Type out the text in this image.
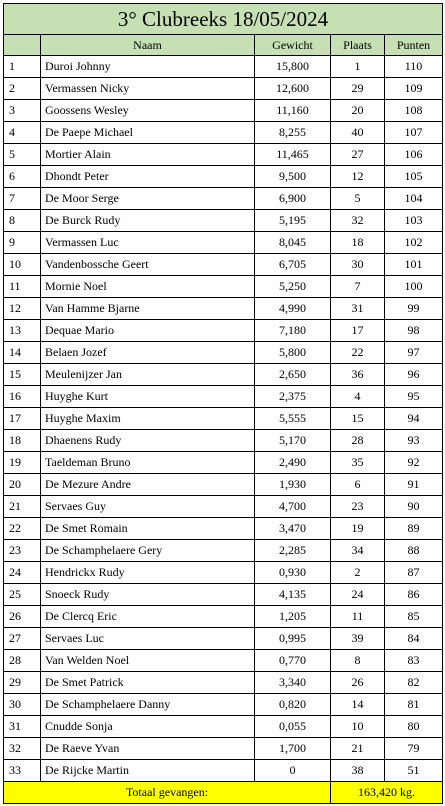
3° Clubreeks 18/05/2024				
	Naam	Gewicht	Plaats	Punten
1	Duroi Johnny	15,800	1	110
2	Vermassen Nicky	12,600	29	109
3	Goossens Wesley	11,160	20	108
4	De Paepe Michael	8,255	40	107
5	Mortier Alain	11,465	27	106
6	Dhondt Peter	9,500	12	105
7	De Moor Serge	6,900	5	104
8	De Burck Rudy	5,195	32	103
9	Vermassen Luc	8,045	18	102
10	Vandenbossche Geert	6,705	30	101
11	Mornie Noel	5,250	7	100
12	Van Hamme Bjarne	4,990	31	99
13	Dequae Mario	7,180	17	98
14	Belaen Jozef	5,800	22	97
15	Meulenijzer Jan	2,650	36	96
16	Huyghe Kurt	2,375	4	95
17	Huyghe Maxim	5,555	15	94
18	Dhaenens Rudy	5,170	28	93
19	Taeldeman Bruno	2,490	35	92
20	De Mezure Andre	1,930	6	91
21	Servaes Guy	4,700	23	90
22	De Smet Romain	3,470	19	89
23	De Schamphelaere Gery	2,285	34	88
24	Hendrickx Rudy	0,930	2	87
25	Snoeck Rudy	4,135	24	86
26	De Clercq Eric	1,205	11	85
27	Servaes Luc	0,995	39	84
28	Van Welden Noel	0,770	8	83
29	De Smet Patrick	3,340	26	82
30	De Schamphelaere Danny	0,820	14	81
31	Cnudde Sonja	0,055	10	80
32	De Raeve Yvan	1,700	21	79
33	De Rijcke Martin	0	38	51
Totaal gevangen:			163,420 kg.	
